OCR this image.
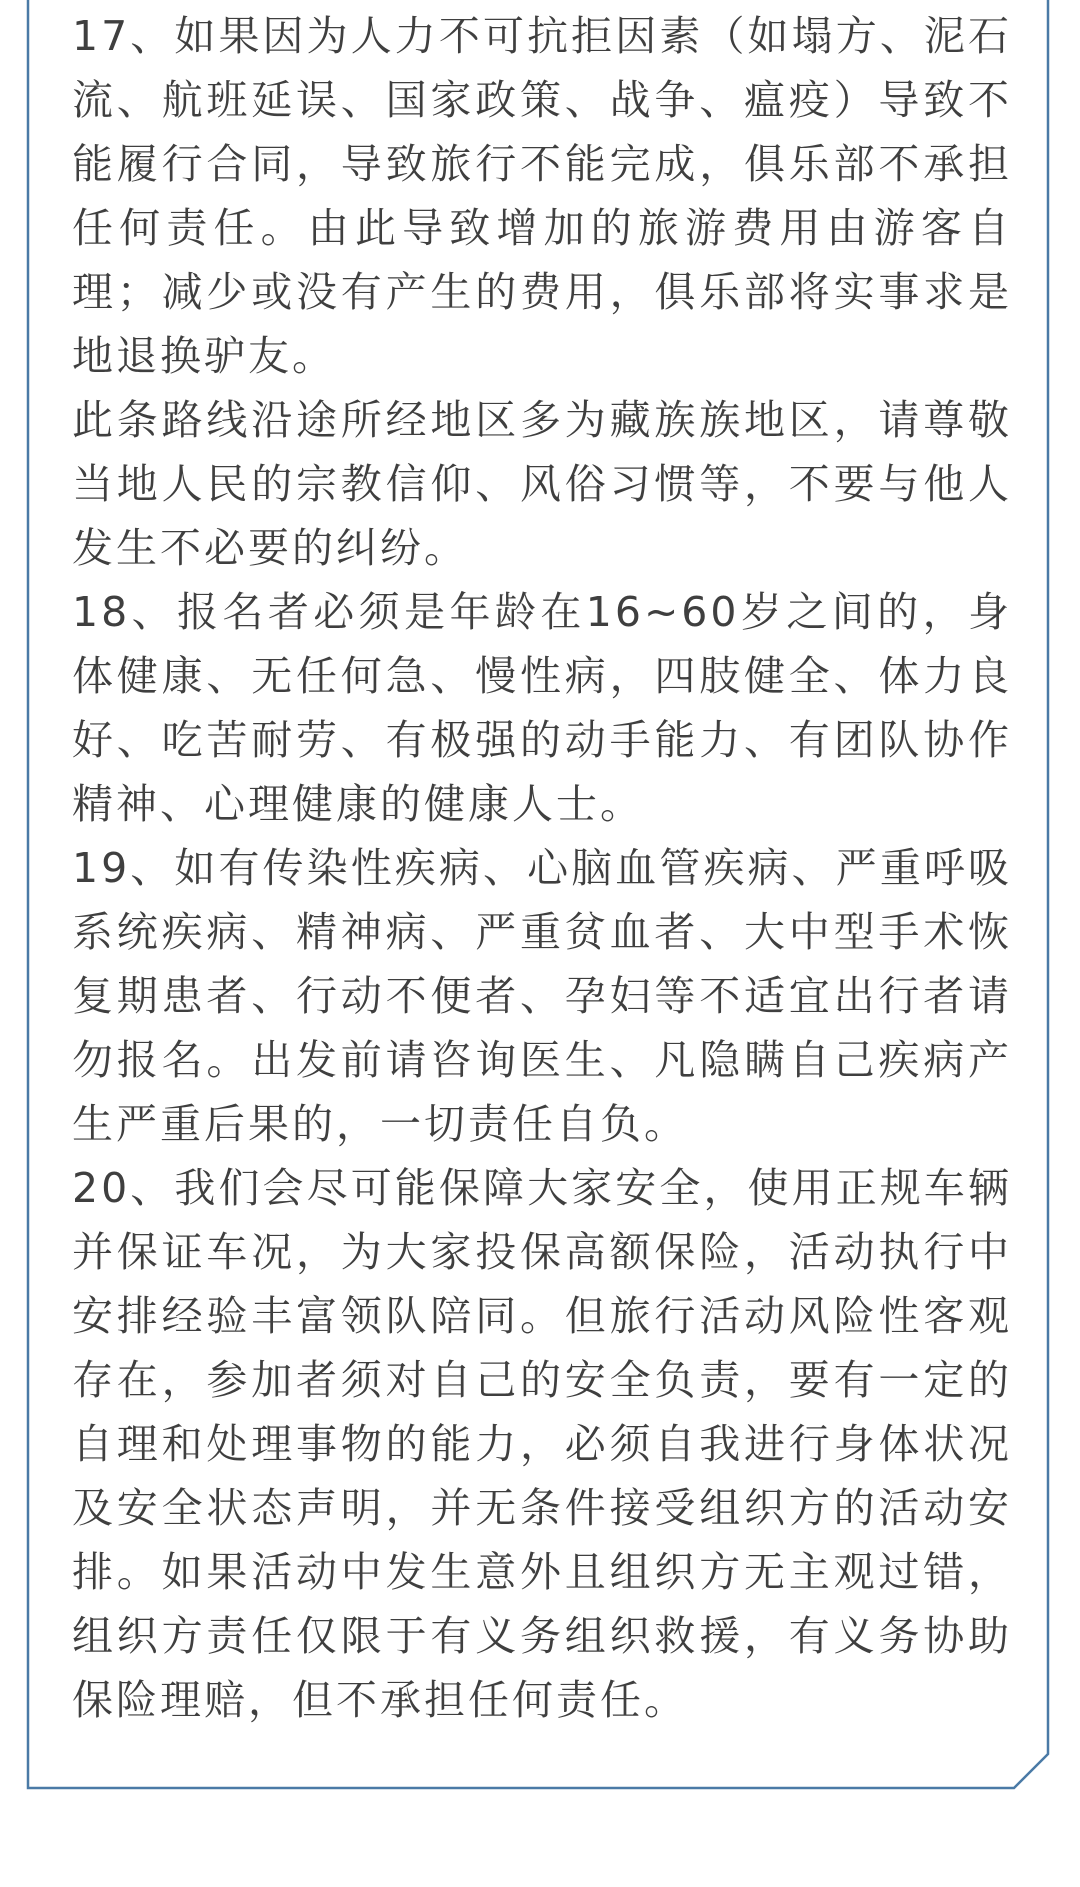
17、如果因为人力不可抗拒因素（如塌方、泥石流、航班延误、国家政策、战争、瘟疫）导致不能履行合同，导致旅行不能完成，俱乐部不承担任何责任。由此导致增加的旅游费用由游客自理；减少或没有产生的费用，俱乐部将实事求是地退换驴友。

此条路线沿途所经地区多为藏族族地区，请尊敬当地人民的宗教信仰、风俗习惯等，不要与他人发生不必要的纠纷。

18、报名者必须是年龄在16~60岁之间的，身体健康、无任何急、慢性病，四肢健全、体力良好、吃苦耐劳、有极强的动手能力、有团队协作精神、心理健康的健康人士。

19、如有传染性疾病、心脑血管疾病、严重呼吸系统疾病、精神病、严重贫血者、大中型手术恢复期患者、行动不便者、孕妇等不适宜出行者请勿报名。出发前请咨询医生、凡隐瞒自己疾病产生严重后果的，一切责任自负。

20、我们会尽可能保障大家安全，使用正规车辆并保证车况，为大家投保高额保险，活动执行中安排经验丰富领队陪同。但旅行活动风险性客观存在，参加者须对自己的安全负责，要有一定的自理和处理事物的能力，必须自我进行身体状况及安全状态声明，并无条件接受组织方的活动安排。如果活动中发生意外且组织方无主观过错，组织方责任仅限于有义务组织救援，有义务协助保险理赔，但不承担任何责任。
